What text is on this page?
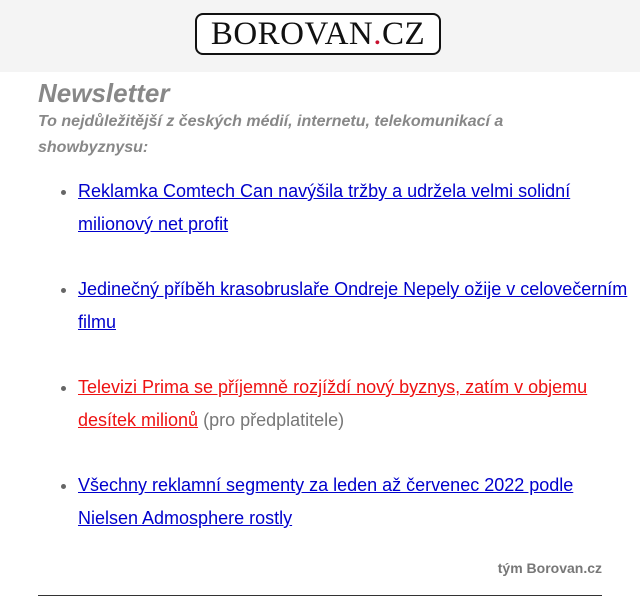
BOROVAN.CZ
Newsletter

To nejdůležitější z českých médií, internetu, telekomunikací a showbyznysu:

• Reklamka Comtech Can navýšila tržby a udržela velmi solidní milionový net profit
• Jedinečný příběh krasobruslaře Ondreje Nepely ožije v celovečerním filmu
• Televizi Prima se příjemně rozjíždí nový byznys, zatím v objemu desítek milionů (pro předplatitele)
• Všechny reklamní segmenty za leden až červenec 2022 podle Nielsen Admosphere rostly
tým Borovan.cz
